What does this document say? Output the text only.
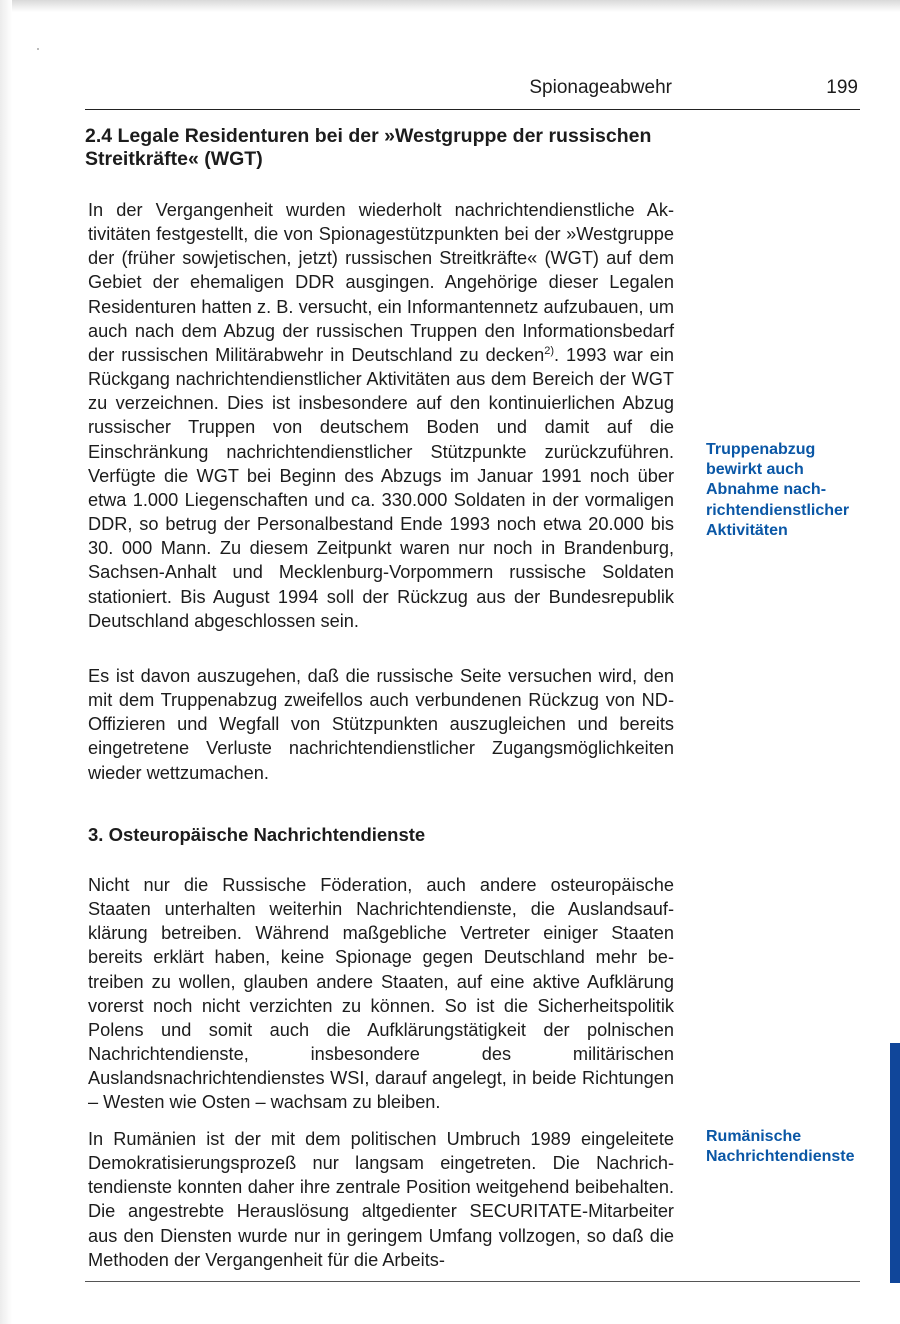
Spionageabwehr	199
2.4 Legale Residenturen bei der »Westgruppe der russischen
Streitkräfte« (WGT)

In der Vergangenheit wurden wiederholt nachrichtendienstliche Aktivitäten festgestellt, die von Spionagestützpunkten bei der »Westgruppe der (früher sowjetischen, jetzt) russischen Streitkräfte« (WGT) auf dem Gebiet der ehemaligen DDR ausgingen. Angehörige dieser Legalen Residenturen hatten z. B. versucht, ein Informantennetz aufzubauen, um auch nach dem Abzug der russischen Truppen den Informationsbedarf der russischen Militärabwehr in Deutschland zu decken$^{2)}$. 1993 war ein Rückgang nachrichtendienstlicher Aktivitäten aus dem Bereich der WGT zu verzeichnen. Dies ist insbesondere auf den kontinuierlichen Abzug russischer Truppen von deutschem Boden und damit auf die Einschränkung nachrichtendienstlicher Stützpunkte zurückzuführen. Verfügte die WGT bei Beginn des Abzugs im Januar 1991 noch über etwa 1.000 Liegenschaften und ca. 330.000 Soldaten in der vormaligen DDR, so betrug der Personalbestand Ende 1993 noch etwa 20.000 bis 30. 000 Mann. Zu diesem Zeitpunkt waren nur noch in Brandenburg, Sachsen-Anhalt und Mecklenburg-Vorpommern russische Soldaten stationiert. Bis August 1994 soll der Rückzug aus der Bundesrepublik Deutschland abgeschlossen sein.

Es ist davon auszugehen, daß die russische Seite versuchen wird, den mit dem Truppenabzug zweifellos auch verbundenen Rückzug von ND-Offizieren und Wegfall von Stützpunkten auszugleichen und bereits eingetretene Verluste nachrichtendienstlicher Zugangsmöglichkeiten wieder wettzumachen.

Truppenabzug
bewirkt auch
Abnahme nach-
richtendienstlicher
Aktivitäten
3. Osteuropäische Nachrichtendienste

Nicht nur die Russische Föderation, auch andere osteuropäische Staaten unterhalten weiterhin Nachrichtendienste, die Auslandsaufklärung betreiben. Während maßgebliche Vertreter einiger Staaten bereits erklärt haben, keine Spionage gegen Deutschland mehr betreiben zu wollen, glauben andere Staaten, auf eine aktive Aufklärung vorerst noch nicht verzichten zu können. So ist die Sicherheitspolitik Polens und somit auch die Aufklärungstätigkeit der polnischen Nachrichtendienste, insbesondere des militärischen Auslandsnachrichtendienstes WSI, darauf angelegt, in beide Richtungen – Westen wie Osten – wachsam zu bleiben.

In Rumänien ist der mit dem politischen Umbruch 1989 eingeleitete Demokratisierungsprozeß nur langsam eingetreten. Die Nachrichtendienste konnten daher ihre zentrale Position weitgehend beibehalten. Die angestrebte Herauslösung altgedienter SECURITATE-Mitarbeiter aus den Diensten wurde nur in geringem Umfang vollzogen, so daß die Methoden der Vergangenheit für die Arbeits-

Rumänische
Nachrichtendienste
